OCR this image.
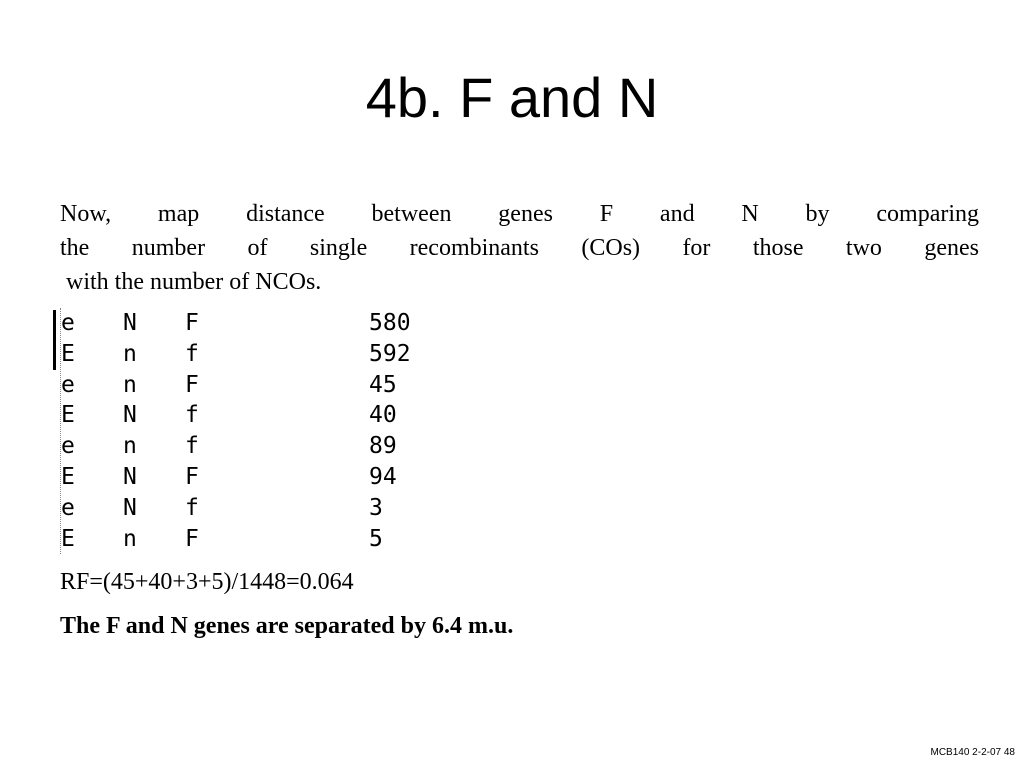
4b. F and N
Now, map distance between genes F and N by comparing
the number of single recombinants (COs) for those two genes
with the number of NCOs.
e	N	F	580
E	n	f	592
e	n	F	45
E	N	f	40
e	n	f	89
E	N	F	94
e	N	f	3
E	n	F	5
RF=(45+40+3+5)/1448=0.064
The F and N genes are separated by 6.4 m.u.
MCB140 2-2-07 48
